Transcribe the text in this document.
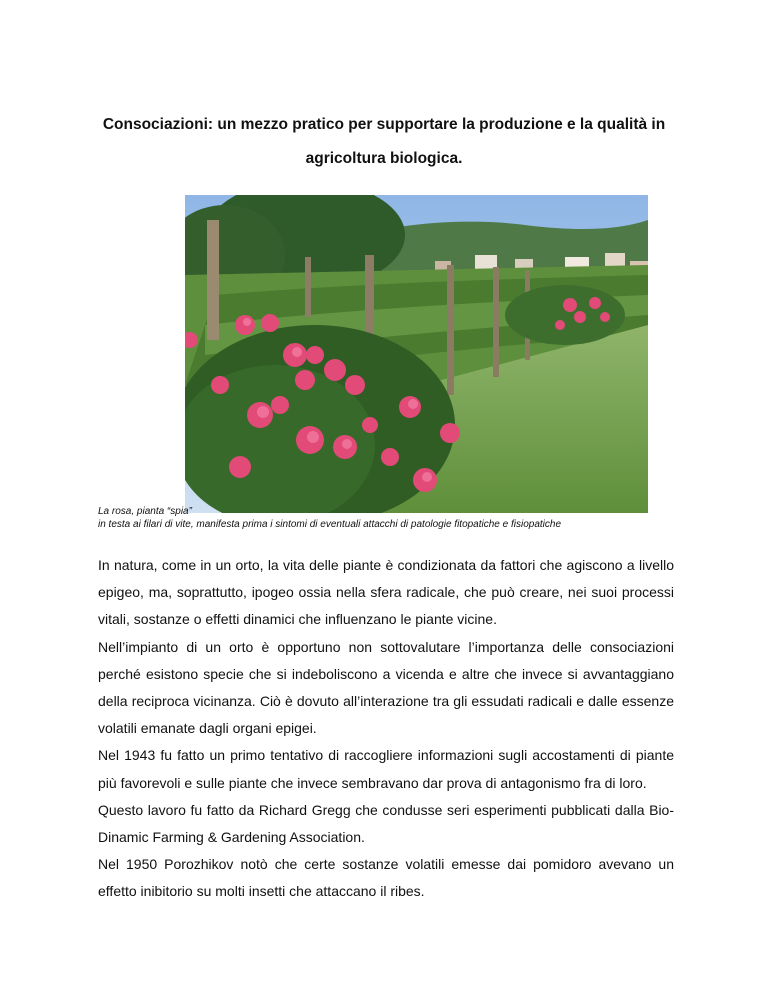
Consociazioni: un mezzo pratico per supportare la produzione e la qualità in
agricoltura biologica.
La rosa, pianta “spia”
in testa ai filari di vite, manifesta prima i sintomi di eventuali attacchi di patologie fitopatiche e fisiopatiche

In natura, come in un orto, la vita delle piante è condizionata da fattori che agiscono a livello epigeo, ma, soprattutto, ipogeo ossia nella sfera radicale, che può creare, nei suoi processi vitali, sostanze o effetti dinamici che influenzano le piante vicine.

Nell’impianto di un orto è opportuno non sottovalutare l’importanza delle consociazioni perché esistono specie che si indeboliscono a vicenda e altre che invece si avvantaggiano della reciproca vicinanza. Ciò è dovuto all’interazione tra gli essudati radicali e dalle essenze volatili emanate dagli organi epigei.

Nel 1943 fu fatto un primo tentativo di raccogliere informazioni sugli accostamenti di piante più favorevoli e sulle piante che invece sembravano dar prova di antagonismo fra di loro.

Questo lavoro fu fatto da Richard Gregg che condusse seri esperimenti pubblicati dalla Bio-Dinamic Farming & Gardening Association.

Nel 1950 Porozhikov notò che certe sostanze volatili emesse dai pomidoro avevano un effetto inibitorio su molti insetti che attaccano il ribes.
